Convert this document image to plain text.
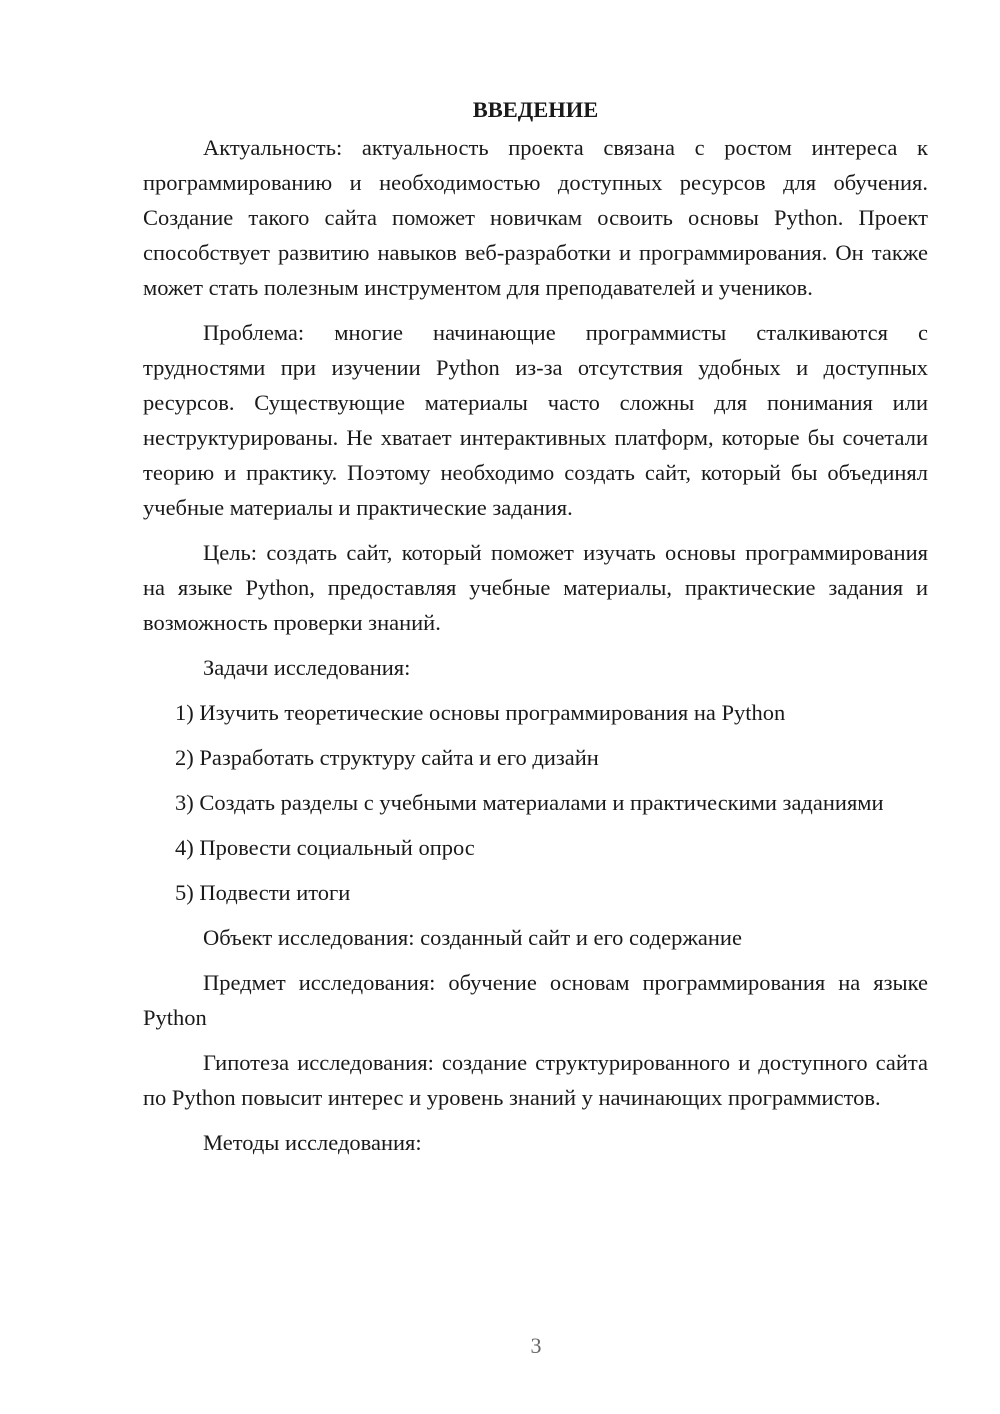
ВВЕДЕНИЕ

Актуальность: актуальность проекта связана с ростом интереса к программированию и необходимостью доступных ресурсов для обучения. Создание такого сайта поможет новичкам освоить основы Python. Проект способствует развитию навыков веб-разработки и программирования. Он также может стать полезным инструментом для преподавателей и учеников.

Проблема: многие начинающие программисты сталкиваются с трудностями при изучении Python из-за отсутствия удобных и доступных ресурсов. Существующие материалы часто сложны для понимания или неструктурированы. Не хватает интерактивных платформ, которые бы сочетали теорию и практику. Поэтому необходимо создать сайт, который бы объединял учебные материалы и практические задания.

Цель: создать сайт, который поможет изучать основы программирования на языке Python, предоставляя учебные материалы, практические задания и возможность проверки знаний.

Задачи исследования:

1) Изучить теоретические основы программирования на Python

2) Разработать структуру сайта и его дизайн

3) Создать разделы с учебными материалами и практическими заданиями

4) Провести социальный опрос

5) Подвести итоги

Объект исследования: созданный сайт и его содержание

Предмет исследования: обучение основам программирования на языке Python

Гипотеза исследования: создание структурированного и доступного сайта по Python повысит интерес и уровень знаний у начинающих программистов.

Методы исследования:

3
